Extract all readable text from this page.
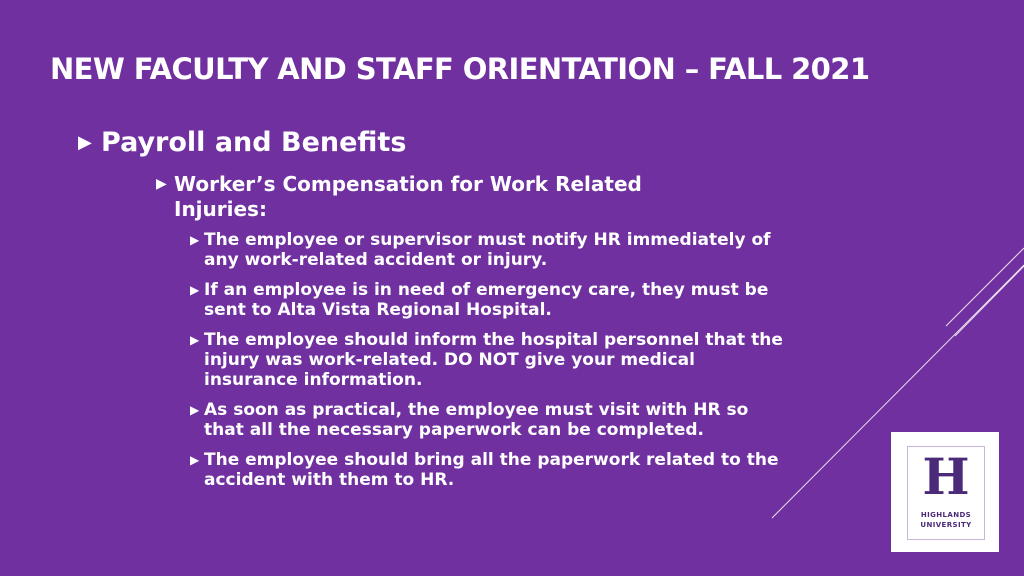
NEW FACULTY AND STAFF ORIENTATION – FALL 2021
▶ Payroll and Benefits
▶ Worker’s Compensation for Work Related Injuries:
▶ The employee or supervisor must notify HR immediately of any work-related accident or injury.
▶ If an employee is in need of emergency care, they must be sent to Alta Vista Regional Hospital.
▶ The employee should inform the hospital personnel that the injury was work-related. DO NOT give your medical insurance information.
▶ As soon as practical, the employee must visit with HR so that all the necessary paperwork can be completed.
▶ The employee should bring all the paperwork related to the accident with them to HR.	H
HIGHLANDS
UNIVERSITY
